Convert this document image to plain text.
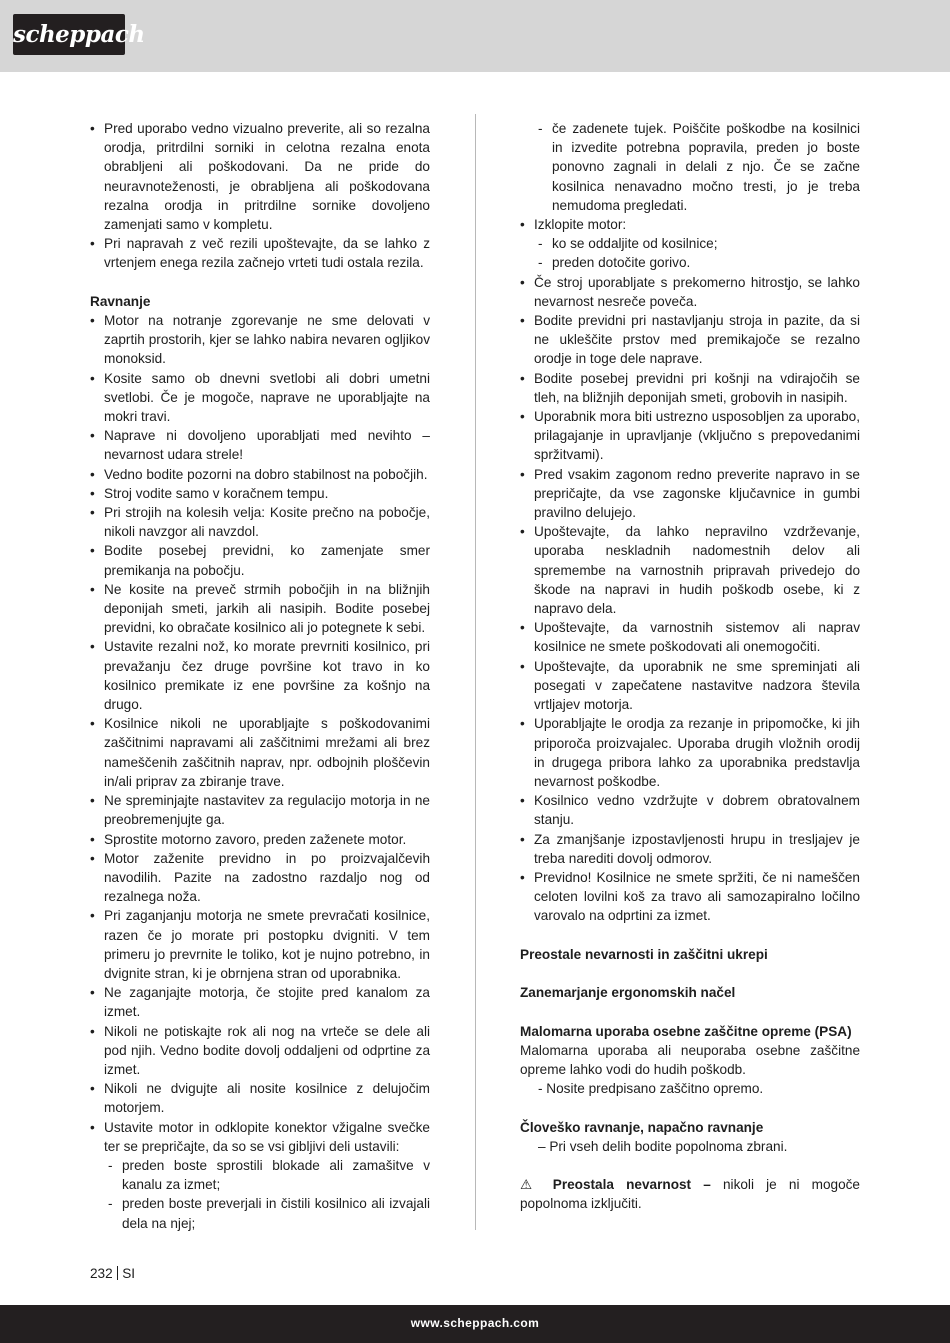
scheppach
• Pred uporabo vedno vizualno preverite, ali so rezalna orodja, pritrdilni sorniki in celotna rezalna enota obrabljeni ali poškodovani. Da ne pride do neuravnoteženosti, je obrabljena ali poškodovana rezalna orodja in pritrdilne sornike dovoljeno zamenjati samo v kompletu.
• Pri napravah z več rezili upoštevajte, da se lahko z vrtenjem enega rezila začnejo vrteti tudi ostala rezila.

Ravnanje

• Motor na notranje zgorevanje ne sme delovati v zaprtih prostorih, kjer se lahko nabira nevaren ogljikov monoksid.
• Kosite samo ob dnevni svetlobi ali dobri umetni svetlobi. Če je mogoče, naprave ne uporabljajte na mokri travi.
• Naprave ni dovoljeno uporabljati med nevihto – nevarnost udara strele!
• Vedno bodite pozorni na dobro stabilnost na pobočjih.
• Stroj vodite samo v koračnem tempu.
• Pri strojih na kolesih velja: Kosite prečno na pobočje, nikoli navzgor ali navzdol.
• Bodite posebej previdni, ko zamenjate smer premikanja na pobočju.
• Ne kosite na preveč strmih pobočjih in na bližnjih deponijah smeti, jarkih ali nasipih. Bodite posebej previdni, ko obračate kosilnico ali jo potegnete k sebi.
• Ustavite rezalni nož, ko morate prevrniti kosilnico, pri prevažanju čez druge površine kot travo in ko kosilnico premikate iz ene površine za košnjo na drugo.
• Kosilnice nikoli ne uporabljajte s poškodovanimi zaščitnimi napravami ali zaščitnimi mrežami ali brez nameščenih zaščitnih naprav, npr. odbojnih ploščevin in/ali priprav za zbiranje trave.
• Ne spreminjajte nastavitev za regulacijo motorja in ne preobremenjujte ga.
• Sprostite motorno zavoro, preden zaženete motor.
• Motor zaženite previdno in po proizvajalčevih navodilih. Pazite na zadostno razdaljo nog od rezalnega noža.
• Pri zaganjanju motorja ne smete prevračati kosilnice, razen če jo morate pri postopku dvigniti. V tem primeru jo prevrnite le toliko, kot je nujno potrebno, in dvignite stran, ki je obrnjena stran od uporabnika.
• Ne zaganjajte motorja, če stojite pred kanalom za izmet.
• Nikoli ne potiskajte rok ali nog na vrteče se dele ali pod njih. Vedno bodite dovolj oddaljeni od odprtine za izmet.
• Nikoli ne dvigujte ali nosite kosilnice z delujočim motorjem.
• Ustavite motor in odklopite konektor vžigalne svečke ter se prepričajte, da so se vsi gibljivi deli ustavili:
- preden boste sprostili blokade ali zamašitve v kanalu za izmet;
- preden boste preverjali in čistili kosilnico ali izvajali dela na njej;
- če zadenete tujek. Poiščite poškodbe na kosilnici in izvedite potrebna popravila, preden jo boste ponovno zagnali in delali z njo. Če se začne kosilnica nenavadno močno tresti, jo je treba nemudoma pregledati.
• Izklopite motor:
- ko se oddaljite od kosilnice;
- preden dotočite gorivo.
• Če stroj uporabljate s prekomerno hitrostjo, se lahko nevarnost nesreče poveča.
• Bodite previdni pri nastavljanju stroja in pazite, da si ne ukleščite prstov med premikajoče se rezalno orodje in toge dele naprave.
• Bodite posebej previdni pri košnji na vdirajočih se tleh, na bližnjih deponijah smeti, grobovih in nasipih.
• Uporabnik mora biti ustrezno usposobljen za uporabo, prilagajanje in upravljanje (vključno s prepovedanimi spržitvami).
• Pred vsakim zagonom redno preverite napravo in se prepričajte, da vse zagonske ključavnice in gumbi pravilno delujejo.
• Upoštevajte, da lahko nepravilno vzdrževanje, uporaba neskladnih nadomestnih delov ali spremembe na varnostnih pripravah privedejo do škode na napravi in hudih poškodb osebe, ki z napravo dela.
• Upoštevajte, da varnostnih sistemov ali naprav kosilnice ne smete poškodovati ali onemogočiti.
• Upoštevajte, da uporabnik ne sme spreminjati ali posegati v zapečatene nastavitve nadzora števila vrtljajev motorja.
• Uporabljajte le orodja za rezanje in pripomočke, ki jih priporoča proizvajalec. Uporaba drugih vložnih orodij in drugega pribora lahko za uporabnika predstavlja nevarnost poškodbe.
• Kosilnico vedno vzdržujte v dobrem obratovalnem stanju.
• Za zmanjšanje izpostavljenosti hrupu in tresljajev je treba narediti dovolj odmorov.
• Previdno! Kosilnice ne smete spržiti, če ni nameščen celoten lovilni koš za travo ali samozapiralno ločilno varovalo na odprtini za izmet.

Preostale nevarnosti in zaščitni ukrepi

Zanemarjanje ergonomskih načel

Malomarna uporaba osebne zaščitne opreme (PSA)

Malomarna uporaba ali neuporaba osebne zaščitne opreme lahko vodi do hudih poškodb.

- Nosite predpisano zaščitno opremo.

Človeško ravnanje, napačno ravnanje

– Pri vseh delih bodite popolnoma zbrani.

⚠ Preostala nevarnost – nikoli je ni mogoče popolnoma izključiti.

232 SI
www.scheppach.com
